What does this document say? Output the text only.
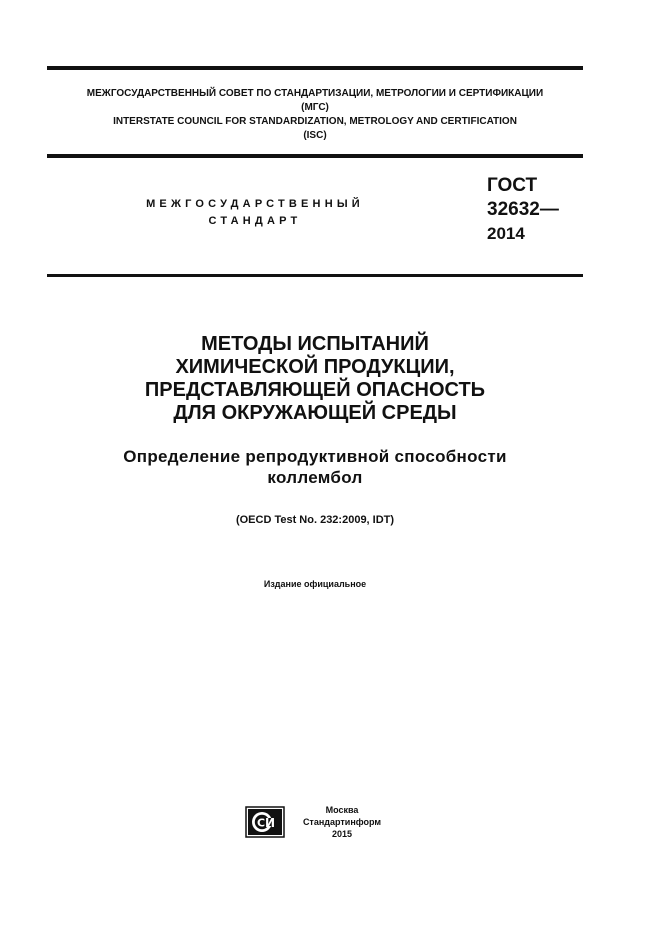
МЕЖГОСУДАРСТВЕННЫЙ СОВЕТ ПО СТАНДАРТИЗАЦИИ, МЕТРОЛОГИИ И СЕРТИФИКАЦИИ
(МГС)
INTERSTATE COUNCIL FOR STANDARDIZATION, METROLOGY AND CERTIFICATION
(ISC)
МЕЖГОСУДАРСТВЕННЫЙ
СТАНДАРТ
ГОСТ
32632—
2014
МЕТОДЫ ИСПЫТАНИЙ
ХИМИЧЕСКОЙ ПРОДУКЦИИ,
ПРЕДСТАВЛЯЮЩЕЙ ОПАСНОСТЬ
ДЛЯ ОКРУЖАЮЩЕЙ СРЕДЫ
Определение репродуктивной способности
коллембол
(OECD Test No. 232:2009, IDT)
Издание официальное
С И
Москва
Стандартинформ
2015
